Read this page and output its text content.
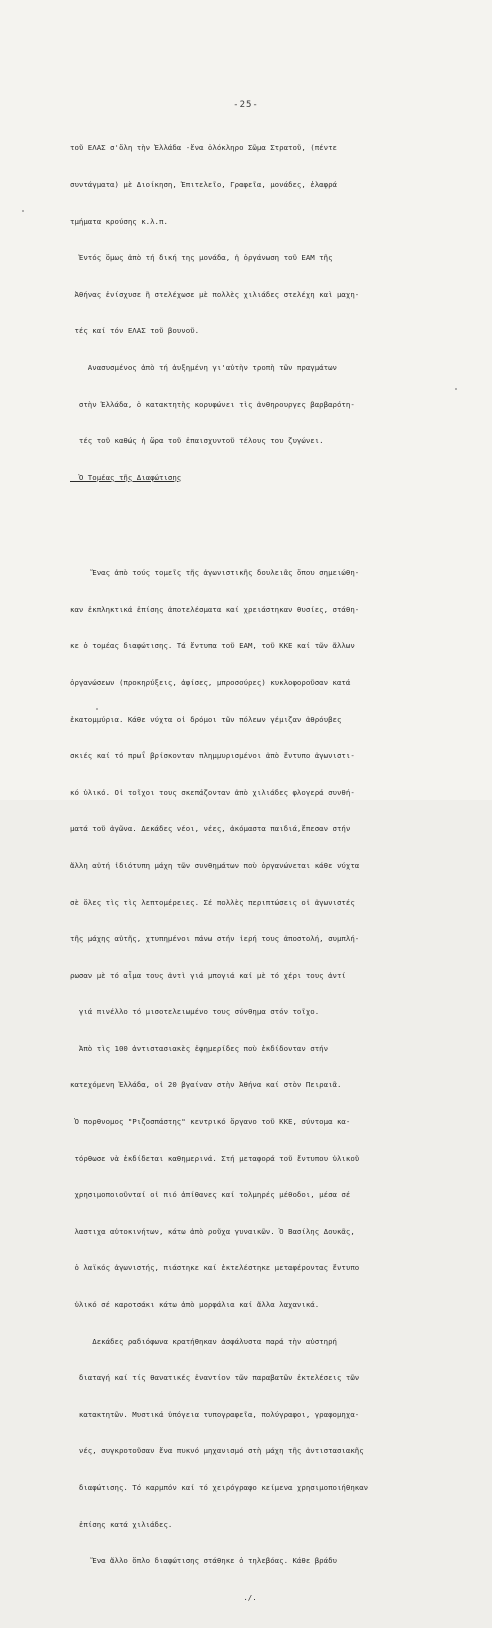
-25-

τοῦ ΕΛΑΣ σ'ὅλη τὴν Ἑλλάδα -ἕνα ὁλόκληρο Σῶμα Στρατοῦ, (πέντε

συντάγματα) μὲ Διοίκηση, Ἐπιτελεῖο, Γραφεῖα, μονάδες, ἐλαφρά

τμήματα κρούσης κ.λ.π.

Ἐντός ὅμως ἀπὸ τή δική της μονάδα, ἡ ὀργάνωση τοῦ ΕΑΜ τῆς

Ἀθήνας ἐνίσχυσε ἢ στελέχωσε μὲ πολλὲς χιλιάδες στελέχη καὶ μαχη-

τές καί τόν ΕΛΑΣ τοῦ βουνοῦ.

Ανασυσμένος ἀπὸ τή ἀυξημένη γι'αὐτὴν τροπὴ τῶν πραγμάτων

στὴν Ἑλλάδα, ὁ κατακτητὴς κορυφώνει τὶς ἀνθηρουργες βαρβαρότη-

τές τοῦ καθώς ἡ ὥρα τοῦ ἐπαισχυντοῦ τέλους του ζυγώνει.

Ὁ Τομέας τῆς Διαφώτισης

Ἕνας ἀπὸ τούς τομεῖς τῆς ἀγωνιστικῆς δουλειᾶς ὅπου σημειώθη-

καν ἐκπληκτικά ἐπίσης ἀποτελέσματα καί χρειάστηκαν θυσίες, στάθη-

κε ὁ τομέας διαφώτισης. Τά ἔντυπα τοῦ ΕΑΜ, τοῦ ΚΚΕ καί τῶν ἄλλων

ὀργανώσεων (προκηρύξεις, ἀφίσες, μπροσούρες) κυκλοφοροῦσαν κατά

ἑκατομμύρια. Κάθε νύχτα οἱ δρόμοι τῶν πόλεων γέμιζαν ἀθρόυβες

σκιές καί τό πρωΐ βρίσκονταν πλημμυρισμένοι ἀπὸ ἔντυπο ἀγωνιστι-

κό ὑλικό. Οἱ τοῖχοι τους σκεπάζονταν ἀπὸ χιλιάδες φλογερά συνθή-

ματά τοῦ ἀγῶνα. Δεκάδες νέοι, νέες, ἀκόμαστα παιδιά,ἔπεσαν στήν

ἄλλη αὐτή ἰδιότυπη μάχη τῶν συνθημάτων ποὺ ὀργανώνεται κάθε νύχτα

σὲ ὅλες τὶς τὶς λεπτομέρειες. Σέ πολλὲς περιπτώσεις οἱ ἀγωνιστές

τῆς μάχης αὐτῆς, χτυπημένοι πάνω στήν ἱερή τους ἀποστολή, συμπλή-

ρωσαν μὲ τό αἷμα τους ἀντὶ γιά μπογιά καί μὲ τό χέρι τους ἀντί

γιά πινέλλο τό μισοτελειωμένο τους σύνθημα στόν τοῖχο.

Ἀπὸ τὶς 100 ἀντιστασιακὲς ἐφημερίδες ποὺ ἐκδίδονταν στήν

κατεχόμενη Ἑλλάδα, οἱ 20 βγαίναν στὴν Ἀθήνα καί στὸν Πειραιᾶ.

Ὁ πορθνομος "Ριζοσπάστης" κεντρικό ὄργανο τοῦ ΚΚΕ, σύντομα κα-

τόρθωσε νὰ ἐκδίδεται καθημερινά. Στή μεταφορά τοῦ ἔντυπου ὑλικοῦ

χρησιμοποιοῦνταί οἱ πιό ἀπίθανες καί τολμηρές μέθοδοι, μέσα σέ

λαστιχα αὐτοκινήτων, κάτω ἀπὸ ροῦχα γυναικῶν. Ὁ Βασίλης Δουκᾶς,

ὁ λαϊκός ἀγωνιστής, πιάστηκε καί ἐκτελέστηκε μεταφέροντας ἔντυπο

ὑλικό σέ καροτσάκι κάτω ἀπὸ μορφάλια καί ἄλλα λαχανικά.

Δεκάδες ραδιόφωνα κρατήθηκαν ἀσφάλυστα παρά τὴν αὐστηρή

διαταγή καί τίς θανατικές ἐναντίον τῶν παραβατῶν ἐκτελέσεις τῶν

κατακτητῶν. Μυστικά ὑπόγεια τυπογραφεῖα, πολύγραφοι, γραφομηχα-

νές, συγκροτοῦσαν ἕνα πυκνό μηχανισμό στὴ μάχη τῆς ἀντιστασιακῆς

διαφώτισης. Τό καρμπόν καί τό χειρόγραφο κείμενα χρησιμοποιήθηκαν

ἐπίσης κατά χιλιάδες.

Ἕνα ἄλλο ὅπλο διαφώτισης στάθηκε ὁ τηλεβόας. Κάθε βράδυ

./.
